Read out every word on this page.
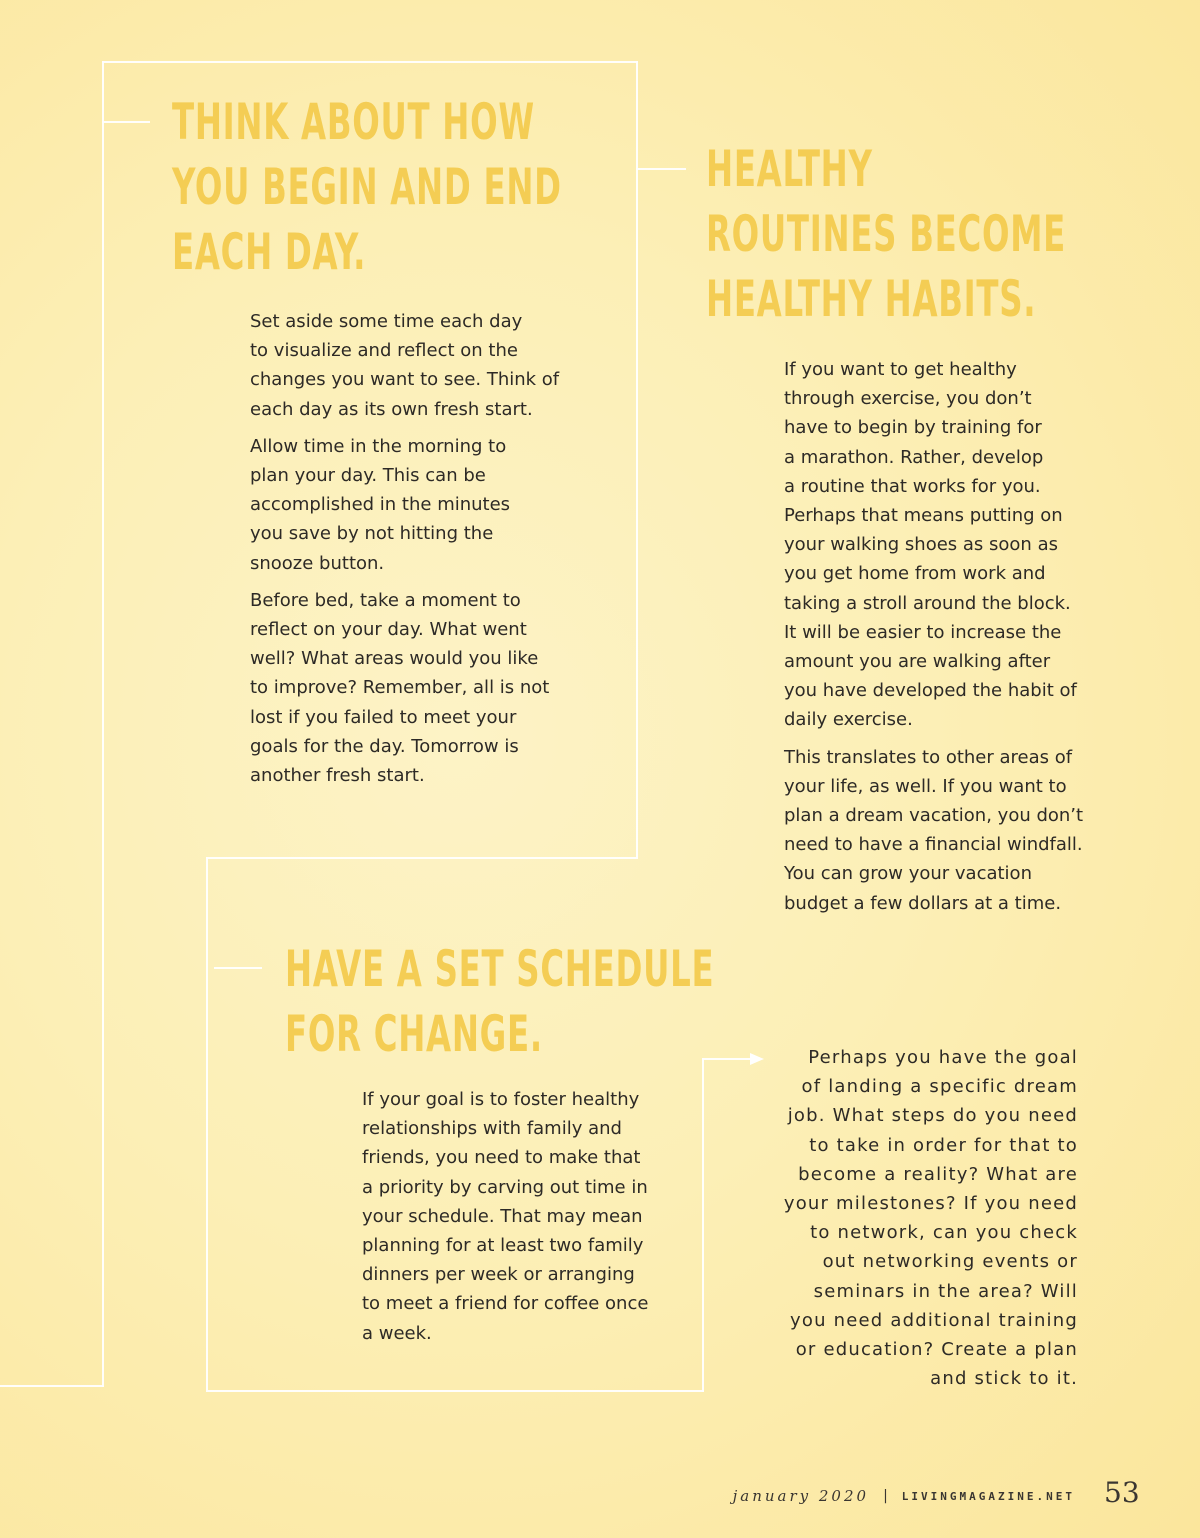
THINK ABOUT HOW
YOU BEGIN AND END
EACH DAY.

Set aside some time each day
to visualize and reflect on the
changes you want to see. Think of
each day as its own fresh start.

Allow time in the morning to
plan your day. This can be
accomplished in the minutes
you save by not hitting the
snooze button.

Before bed, take a moment to
reflect on your day. What went
well? What areas would you like
to improve? Remember, all is not
lost if you failed to meet your
goals for the day. Tomorrow is
another fresh start.

HEALTHY
ROUTINES BECOME
HEALTHY HABITS.

If you want to get healthy
through exercise, you don’t
have to begin by training for
a marathon. Rather, develop
a routine that works for you.
Perhaps that means putting on
your walking shoes as soon as
you get home from work and
taking a stroll around the block.
It will be easier to increase the
amount you are walking after
you have developed the habit of
daily exercise.

This translates to other areas of
your life, as well. If you want to
plan a dream vacation, you don’t
need to have a financial windfall.
You can grow your vacation
budget a few dollars at a time.

HAVE A SET SCHEDULE
FOR CHANGE.

If your goal is to foster healthy
relationships with family and
friends, you need to make that
a priority by carving out time in
your schedule. That may mean
planning for at least two family
dinners per week or arranging
to meet a friend for coffee once
a week.

Perhaps you have the goal
of landing a specific dream
job. What steps do you need
to take in order for that to
become a reality? What are
your milestones? If you need
to network, can you check
out networking events or
seminars in the area? Will
you need additional training
or education? Create a plan
and stick to it.
january 2020 | LIVINGMAGAZINE.NET 53
